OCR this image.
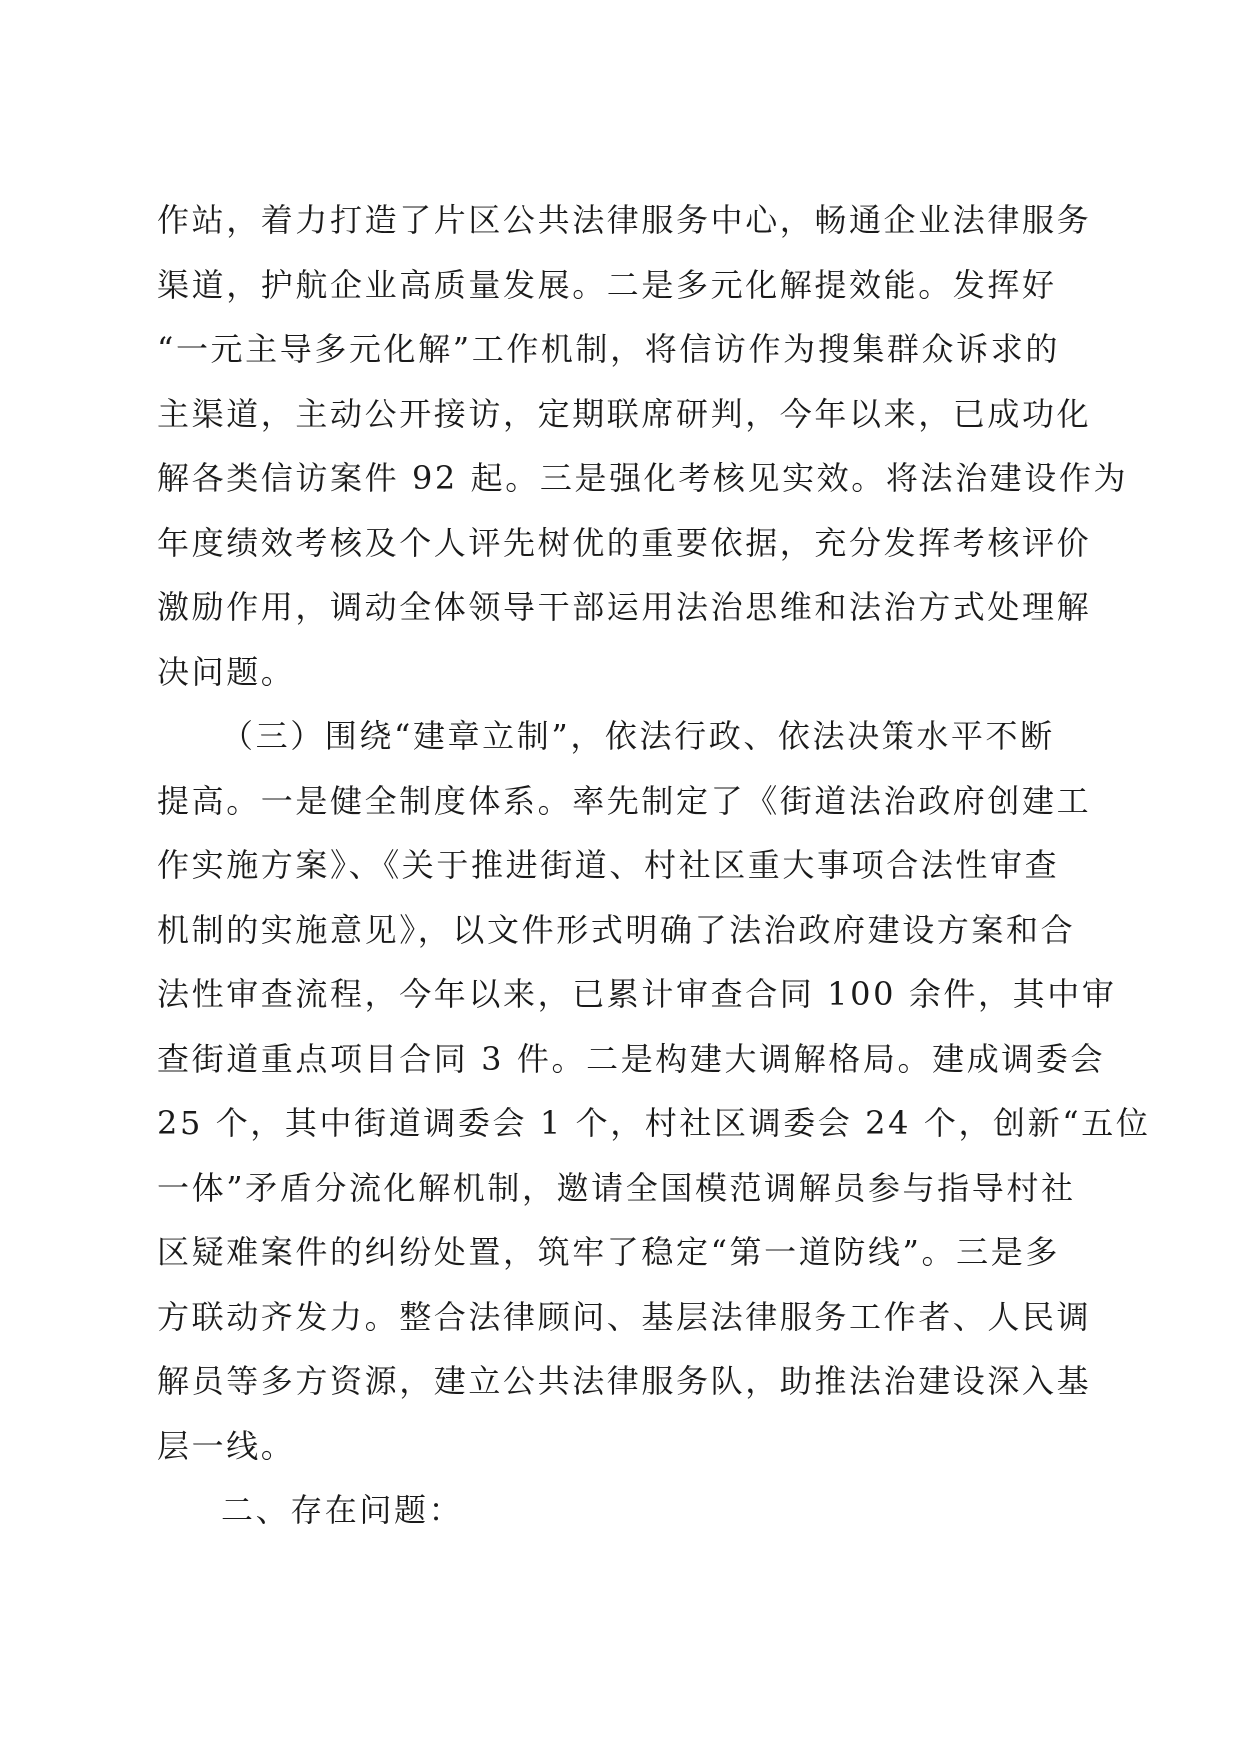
作站，着力打造了片区公共法律服务中心，畅通企业法律服务
渠道，护航企业高质量发展。二是多元化解提效能。发挥好
“一元主导多元化解”工作机制，将信访作为搜集群众诉求的
主渠道，主动公开接访，定期联席研判，今年以来，已成功化
解各类信访案件 92 起。三是强化考核见实效。将法治建设作为
年度绩效考核及个人评先树优的重要依据，充分发挥考核评价
激励作用，调动全体领导干部运用法治思维和法治方式处理解
决问题。
（三）围绕“建章立制”，依法行政、依法决策水平不断
提高。一是健全制度体系。率先制定了《街道法治政府创建工
作实施方案》、《关于推进街道、村社区重大事项合法性审查
机制的实施意见》，以文件形式明确了法治政府建设方案和合
法性审查流程，今年以来，已累计审查合同 100 余件，其中审
查街道重点项目合同 3 件。二是构建大调解格局。建成调委会
25 个，其中街道调委会 1 个，村社区调委会 24 个，创新“五位
一体”矛盾分流化解机制，邀请全国模范调解员参与指导村社
区疑难案件的纠纷处置，筑牢了稳定“第一道防线”。三是多
方联动齐发力。整合法律顾问、基层法律服务工作者、人民调
解员等多方资源，建立公共法律服务队，助推法治建设深入基
层一线。
二、存在问题：
